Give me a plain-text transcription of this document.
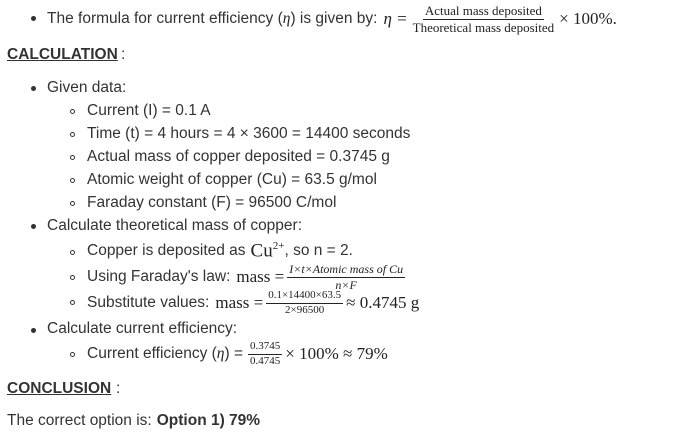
The formula for current efficiency ( η ) is given by: $\eta = \frac{\text{Actual mass deposited}}{\text{Theoretical mass deposited}} \times 100\%$.
CALCULATION :
Given data:
Current (I) = 0.1 A
Time (t) = 4 hours = 4 × 3600 = 14400 seconds
Actual mass of copper deposited = 0.3745 g
Atomic weight of copper (Cu) = 63.5 g/mol
Faraday constant (F) = 96500 C/mol
Calculate theoretical mass of copper:
Copper is deposited as $Cu^{2+}$ , so n = 2.
Using Faraday's law: mass = $\frac{\text{I×t×Atomic mass of Cu}}{n\times F}$
Substitute values: mass = $\frac{0.1\times 14400\times 63.5}{2\times 96500} \approx 0.4745$ g
Calculate current efficiency:
Current efficiency ( η ) = $\frac{0.3745}{0.4745} \times 100\% \approx 79\%$
CONCLUSION :
The correct option is: Option 1) 79%
